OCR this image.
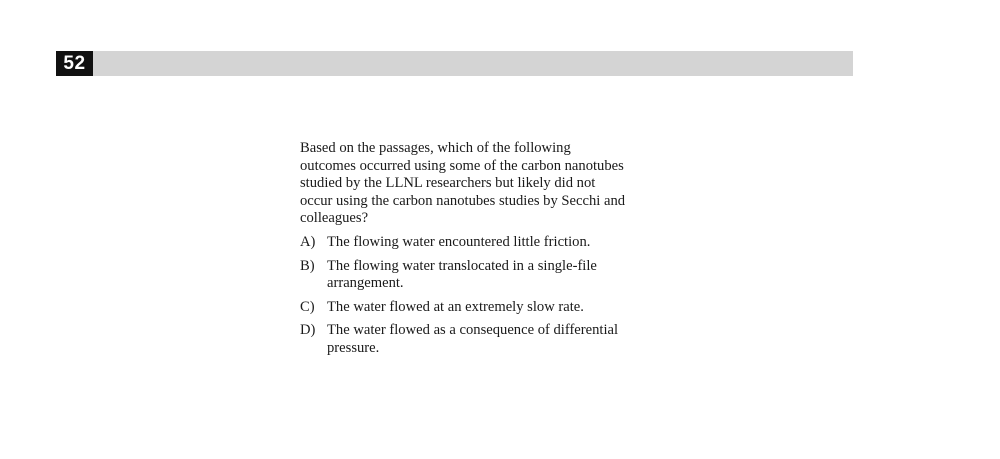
52

Based on the passages, which of the following outcomes occurred using some of the carbon nanotubes studied by the LLNL researchers but likely did not occur using the carbon nanotubes studies by Secchi and colleagues?

A) The flowing water encountered little friction.
B) The flowing water translocated in a single-file arrangement.
C) The water flowed at an extremely slow rate.
D) The water flowed as a consequence of differential pressure.
